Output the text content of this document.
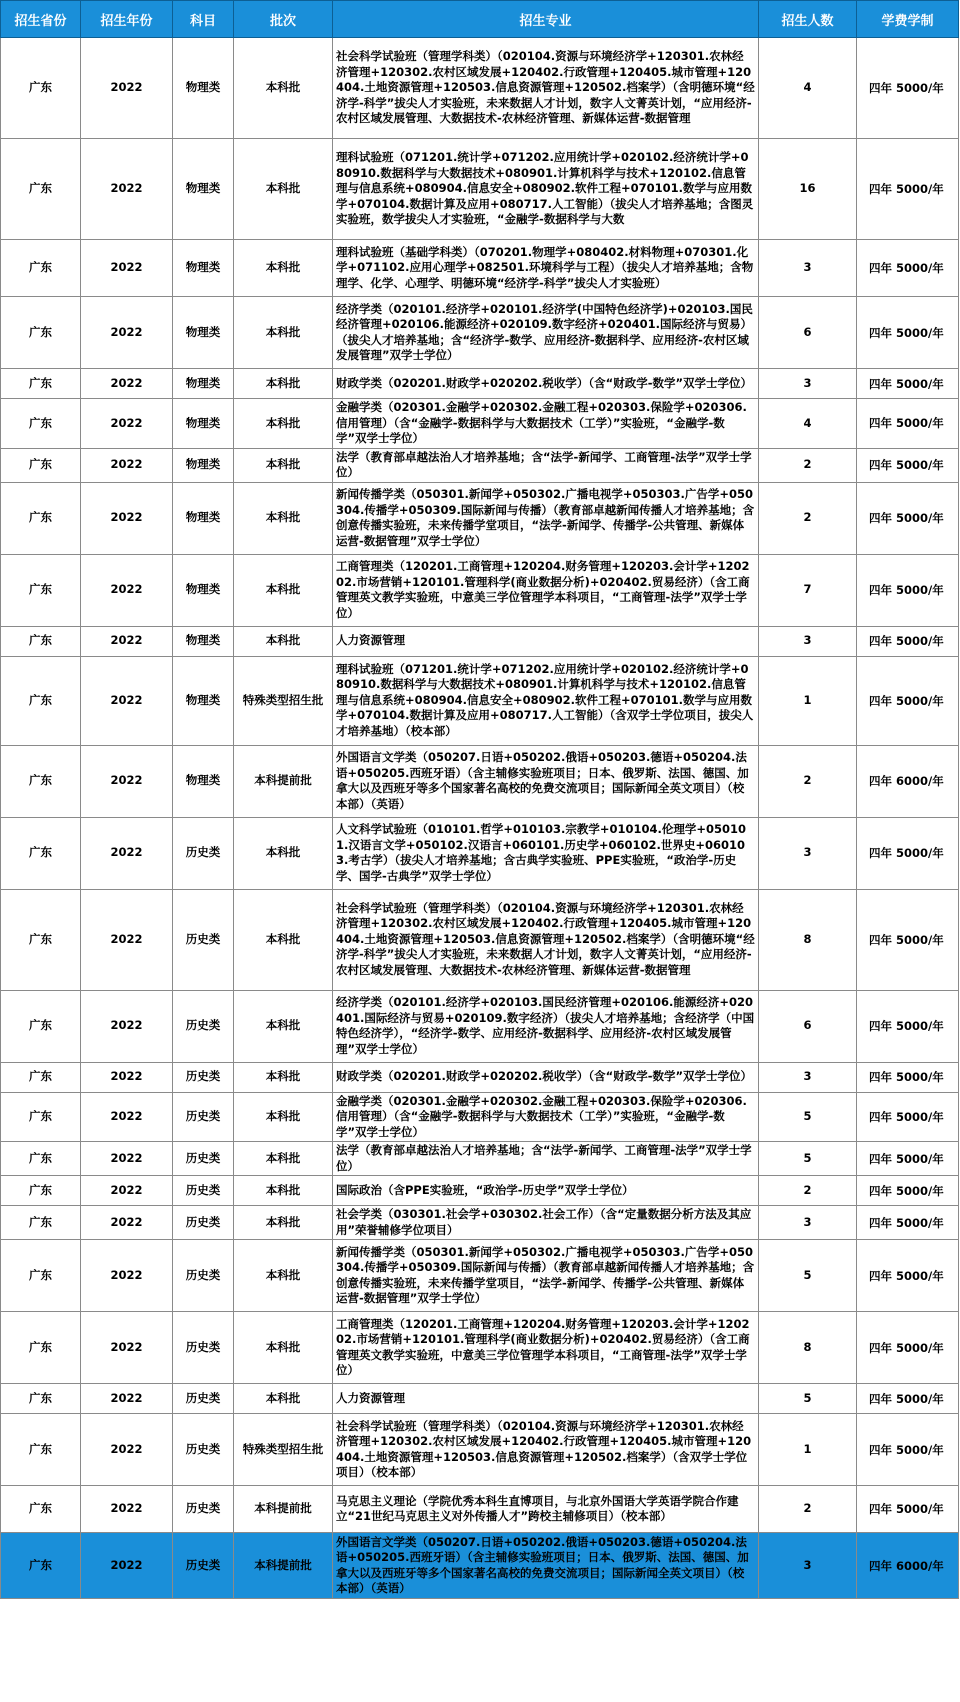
招生省份	招生年份	科目	批次	招生专业	招生人数	学费学制
广东	2022	物理类	本科批	社会科学试验班（管理学科类）（020104.资源与环境经济学+120301.农林经济管理+120302.农村区域发展+120402.行政管理+120405.城市管理+120404.土地资源管理+120503.信息资源管理+120502.档案学）（含明德环境“经济学-科学”拔尖人才实验班，未来数据人才计划，数字人文菁英计划，“应用经济-农村区域发展管理、大数据技术-农林经济管理、新媒体运营-数据管理	4	四年 5000/年
广东	2022	物理类	本科批	理科试验班（071201.统计学+071202.应用统计学+020102.经济统计学+080910.数据科学与大数据技术+080901.计算机科学与技术+120102.信息管理与信息系统+080904.信息安全+080902.软件工程+070101.数学与应用数学+070104.数据计算及应用+080717.人工智能）（拔尖人才培养基地；含图灵实验班，数学拔尖人才实验班，“金融学-数据科学与大数	16	四年 5000/年
广东	2022	物理类	本科批	理科试验班（基础学科类）（070201.物理学+080402.材料物理+070301.化学+071102.应用心理学+082501.环境科学与工程）（拔尖人才培养基地；含物理学、化学、心理学、明德环境“经济学-科学”拔尖人才实验班）	3	四年 5000/年
广东	2022	物理类	本科批	经济学类（020101.经济学+020101.经济学(中国特色经济学)+020103.国民经济管理+020106.能源经济+020109.数字经济+020401.国际经济与贸易）（拔尖人才培养基地；含“经济学-数学、应用经济-数据科学、应用经济-农村区域发展管理”双学士学位）	6	四年 5000/年
广东	2022	物理类	本科批	财政学类（020201.财政学+020202.税收学）（含“财政学-数学”双学士学位）	3	四年 5000/年
广东	2022	物理类	本科批	金融学类（020301.金融学+020302.金融工程+020303.保险学+020306.信用管理）（含“金融学-数据科学与大数据技术（工学）”实验班，“金融学-数学”双学士学位）	4	四年 5000/年
广东	2022	物理类	本科批	法学（教育部卓越法治人才培养基地；含“法学-新闻学、工商管理-法学”双学士学位）	2	四年 5000/年
广东	2022	物理类	本科批	新闻传播学类（050301.新闻学+050302.广播电视学+050303.广告学+050304.传播学+050309.国际新闻与传播）（教育部卓越新闻传播人才培养基地；含创意传播实验班，未来传播学堂项目，“法学-新闻学、传播学-公共管理、新媒体运营-数据管理”双学士学位）	2	四年 5000/年
广东	2022	物理类	本科批	工商管理类（120201.工商管理+120204.财务管理+120203.会计学+120202.市场营销+120101.管理科学(商业数据分析)+020402.贸易经济）（含工商管理英文教学实验班，中意美三学位管理学本科项目，“工商管理-法学”双学士学位）	7	四年 5000/年
广东	2022	物理类	本科批	人力资源管理	3	四年 5000/年
广东	2022	物理类	特殊类型招生批	理科试验班（071201.统计学+071202.应用统计学+020102.经济统计学+080910.数据科学与大数据技术+080901.计算机科学与技术+120102.信息管理与信息系统+080904.信息安全+080902.软件工程+070101.数学与应用数学+070104.数据计算及应用+080717.人工智能）（含双学士学位项目，拔尖人才培养基地）（校本部）	1	四年 5000/年
广东	2022	物理类	本科提前批	外国语言文学类（050207.日语+050202.俄语+050203.德语+050204.法语+050205.西班牙语）（含主辅修实验班项目；日本、俄罗斯、法国、德国、加拿大以及西班牙等多个国家著名高校的免费交流项目；国际新闻全英文项目）（校本部）（英语）	2	四年 6000/年
广东	2022	历史类	本科批	人文科学试验班（010101.哲学+010103.宗教学+010104.伦理学+050101.汉语言文学+050102.汉语言+060101.历史学+060102.世界史+060103.考古学）（拔尖人才培养基地；含古典学实验班、PPE实验班，“政治学-历史学、国学-古典学”双学士学位）	3	四年 5000/年
广东	2022	历史类	本科批	社会科学试验班（管理学科类）（020104.资源与环境经济学+120301.农林经济管理+120302.农村区域发展+120402.行政管理+120405.城市管理+120404.土地资源管理+120503.信息资源管理+120502.档案学）（含明德环境“经济学-科学”拔尖人才实验班，未来数据人才计划，数字人文菁英计划，“应用经济-农村区域发展管理、大数据技术-农林经济管理、新媒体运营-数据管理	8	四年 5000/年
广东	2022	历史类	本科批	经济学类（020101.经济学+020103.国民经济管理+020106.能源经济+020401.国际经济与贸易+020109.数字经济）（拔尖人才培养基地；含经济学（中国特色经济学），“经济学-数学、应用经济-数据科学、应用经济-农村区域发展管理”双学士学位）	6	四年 5000/年
广东	2022	历史类	本科批	财政学类（020201.财政学+020202.税收学）（含“财政学-数学”双学士学位）	3	四年 5000/年
广东	2022	历史类	本科批	金融学类（020301.金融学+020302.金融工程+020303.保险学+020306.信用管理）（含“金融学-数据科学与大数据技术（工学）”实验班，“金融学-数学”双学士学位）	5	四年 5000/年
广东	2022	历史类	本科批	法学（教育部卓越法治人才培养基地；含“法学-新闻学、工商管理-法学”双学士学位）	5	四年 5000/年
广东	2022	历史类	本科批	国际政治（含PPE实验班，“政治学-历史学”双学士学位）	2	四年 5000/年
广东	2022	历史类	本科批	社会学类（030301.社会学+030302.社会工作）（含“定量数据分析方法及其应用”荣誉辅修学位项目）	3	四年 5000/年
广东	2022	历史类	本科批	新闻传播学类（050301.新闻学+050302.广播电视学+050303.广告学+050304.传播学+050309.国际新闻与传播）（教育部卓越新闻传播人才培养基地；含创意传播实验班，未来传播学堂项目，“法学-新闻学、传播学-公共管理、新媒体运营-数据管理”双学士学位）	5	四年 5000/年
广东	2022	历史类	本科批	工商管理类（120201.工商管理+120204.财务管理+120203.会计学+120202.市场营销+120101.管理科学(商业数据分析)+020402.贸易经济）（含工商管理英文教学实验班，中意美三学位管理学本科项目，“工商管理-法学”双学士学位）	8	四年 5000/年
广东	2022	历史类	本科批	人力资源管理	5	四年 5000/年
广东	2022	历史类	特殊类型招生批	社会科学试验班（管理学科类）（020104.资源与环境经济学+120301.农林经济管理+120302.农村区域发展+120402.行政管理+120405.城市管理+120404.土地资源管理+120503.信息资源管理+120502.档案学）（含双学士学位项目）（校本部）	1	四年 5000/年
广东	2022	历史类	本科提前批	马克思主义理论（学院优秀本科生直博项目，与北京外国语大学英语学院合作建立“21世纪马克思主义对外传播人才”跨校主辅修项目）（校本部）	2	四年 5000/年
广东	2022	历史类	本科提前批	外国语言文学类（050207.日语+050202.俄语+050203.德语+050204.法语+050205.西班牙语）（含主辅修实验班项目；日本、俄罗斯、法国、德国、加拿大以及西班牙等多个国家著名高校的免费交流项目；国际新闻全英文项目）（校本部）（英语）	3	四年 6000/年
